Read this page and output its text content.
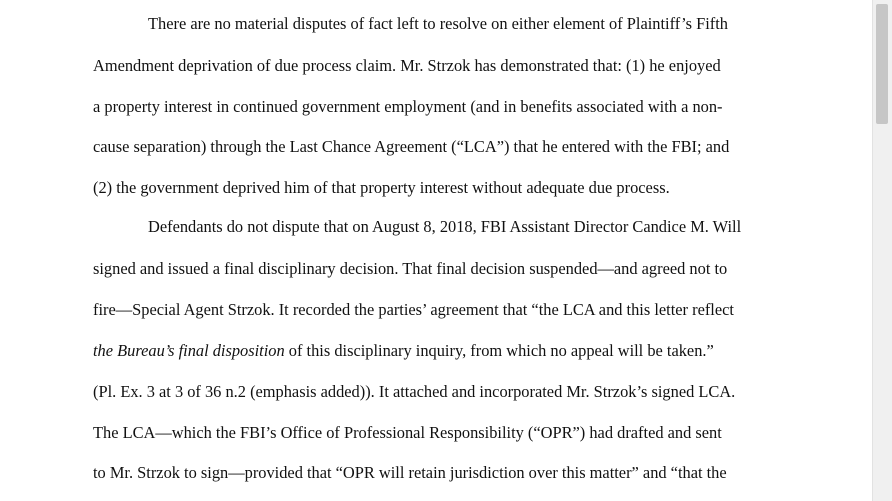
There are no material disputes of fact left to resolve on either element of Plaintiff’s Fifth
Amendment deprivation of due process claim. Mr. Strzok has demonstrated that: (1) he enjoyed
a property interest in continued government employment (and in benefits associated with a non-
cause separation) through the Last Chance Agreement (“LCA”) that he entered with the FBI; and
(2) the government deprived him of that property interest without adequate due process.
Defendants do not dispute that on August 8, 2018, FBI Assistant Director Candice M. Will
signed and issued a final disciplinary decision. That final decision suspended—and agreed not to
fire—Special Agent Strzok. It recorded the parties’ agreement that “the LCA and this letter reflect
the Bureau’s final disposition of this disciplinary inquiry, from which no appeal will be taken.”
(Pl. Ex. 3 at 3 of 36 n.2 (emphasis added)). It attached and incorporated Mr. Strzok’s signed LCA.
The LCA—which the FBI’s Office of Professional Responsibility (“OPR”) had drafted and sent
to Mr. Strzok to sign—provided that “OPR will retain jurisdiction over this matter” and “that the
